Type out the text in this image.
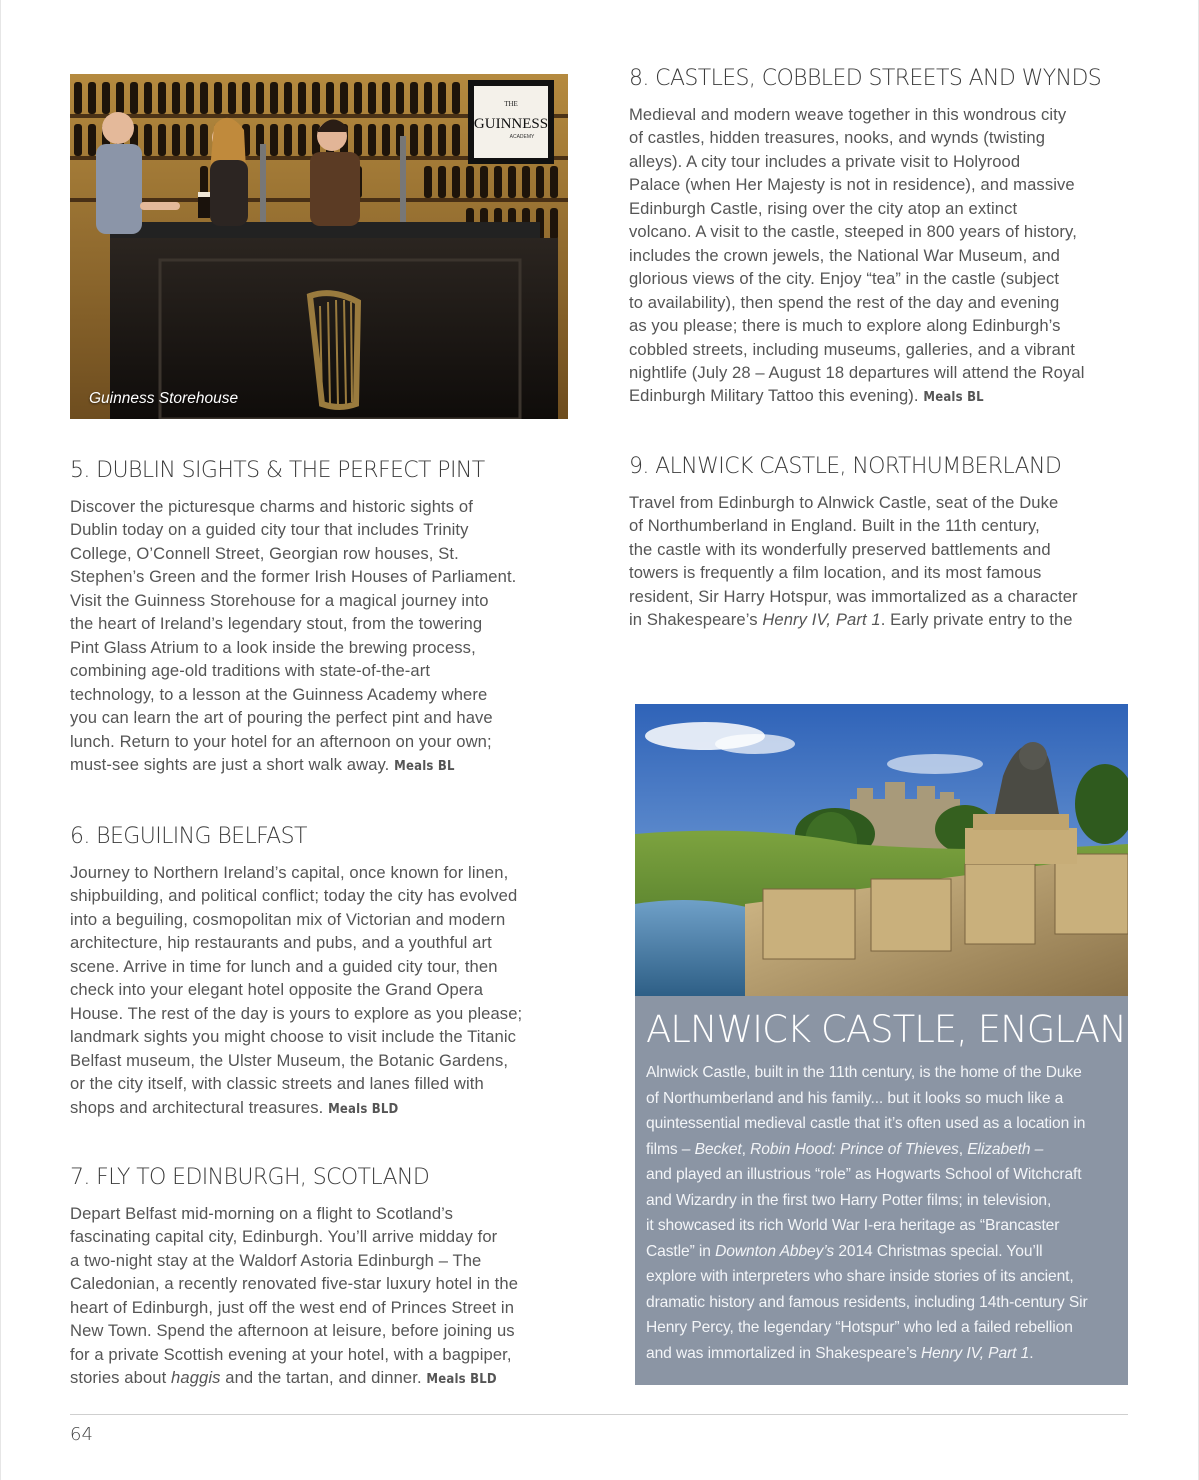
THE
GUINNESS
ACADEMY
Guinness Storehouse
5. DUBLIN SIGHTS & THE PERFECT PINT
Discover the picturesque charms and historic sights of
Dublin today on a guided city tour that includes Trinity
College, O’Connell Street, Georgian row houses, St.
Stephen’s Green and the former Irish Houses of Parliament.
Visit the Guinness Storehouse for a magical journey into
the heart of Ireland’s legendary stout, from the towering
Pint Glass Atrium to a look inside the brewing process,
combining age-old traditions with state-of-the-art
technology, to a lesson at the Guinness Academy where
you can learn the art of pouring the perfect pint and have
lunch. Return to your hotel for an afternoon on your own;
must-see sights are just a short walk away. Meals BL
6. BEGUILING BELFAST
Journey to Northern Ireland’s capital, once known for linen,
shipbuilding, and political conflict; today the city has evolved
into a beguiling, cosmopolitan mix of Victorian and modern
architecture, hip restaurants and pubs, and a youthful art
scene. Arrive in time for lunch and a guided city tour, then
check into your elegant hotel opposite the Grand Opera
House. The rest of the day is yours to explore as you please;
landmark sights you might choose to visit include the Titanic
Belfast museum, the Ulster Museum, the Botanic Gardens,
or the city itself, with classic streets and lanes filled with
shops and architectural treasures. Meals BLD
7. FLY TO EDINBURGH, SCOTLAND
Depart Belfast mid-morning on a flight to Scotland’s
fascinating capital city, Edinburgh. You’ll arrive midday for
a two-night stay at the Waldorf Astoria Edinburgh – The
Caledonian, a recently renovated five-star luxury hotel in the
heart of Edinburgh, just off the west end of Princes Street in
New Town. Spend the afternoon at leisure, before joining us
for a private Scottish evening at your hotel, with a bagpiper,
stories about haggis and the tartan, and dinner. Meals BLD
8. CASTLES, COBBLED STREETS AND WYNDS
Medieval and modern weave together in this wondrous city
of castles, hidden treasures, nooks, and wynds (twisting
alleys). A city tour includes a private visit to Holyrood
Palace (when Her Majesty is not in residence), and massive
Edinburgh Castle, rising over the city atop an extinct
volcano. A visit to the castle, steeped in 800 years of history,
includes the crown jewels, the National War Museum, and
glorious views of the city. Enjoy “tea” in the castle (subject
to availability), then spend the rest of the day and evening
as you please; there is much to explore along Edinburgh’s
cobbled streets, including museums, galleries, and a vibrant
nightlife (July 28 – August 18 departures will attend the Royal
Edinburgh Military Tattoo this evening). Meals BL
9. ALNWICK CASTLE, NORTHUMBERLAND
Travel from Edinburgh to Alnwick Castle, seat of the Duke
of Northumberland in England. Built in the 11th century,
the castle with its wonderfully preserved battlements and
towers is frequently a film location, and its most famous
resident, Sir Harry Hotspur, was immortalized as a character
in Shakespeare’s Henry IV, Part 1. Early private entry to the
ALNWICK CASTLE, ENGLAND
Alnwick Castle, built in the 11th century, is the home of the Duke
of Northumberland and his family... but it looks so much like a
quintessential medieval castle that it’s often used as a location in
films – Becket, Robin Hood: Prince of Thieves, Elizabeth –
and played an illustrious “role” as Hogwarts School of Witchcraft
and Wizardry in the first two Harry Potter films; in television,
it showcased its rich World War I-era heritage as “Brancaster
Castle” in Downton Abbey’s 2014 Christmas special. You’ll
explore with interpreters who share inside stories of its ancient,
dramatic history and famous residents, including 14th-century Sir
Henry Percy, the legendary “Hotspur” who led a failed rebellion
and was immortalized in Shakespeare’s Henry IV, Part 1.
64
